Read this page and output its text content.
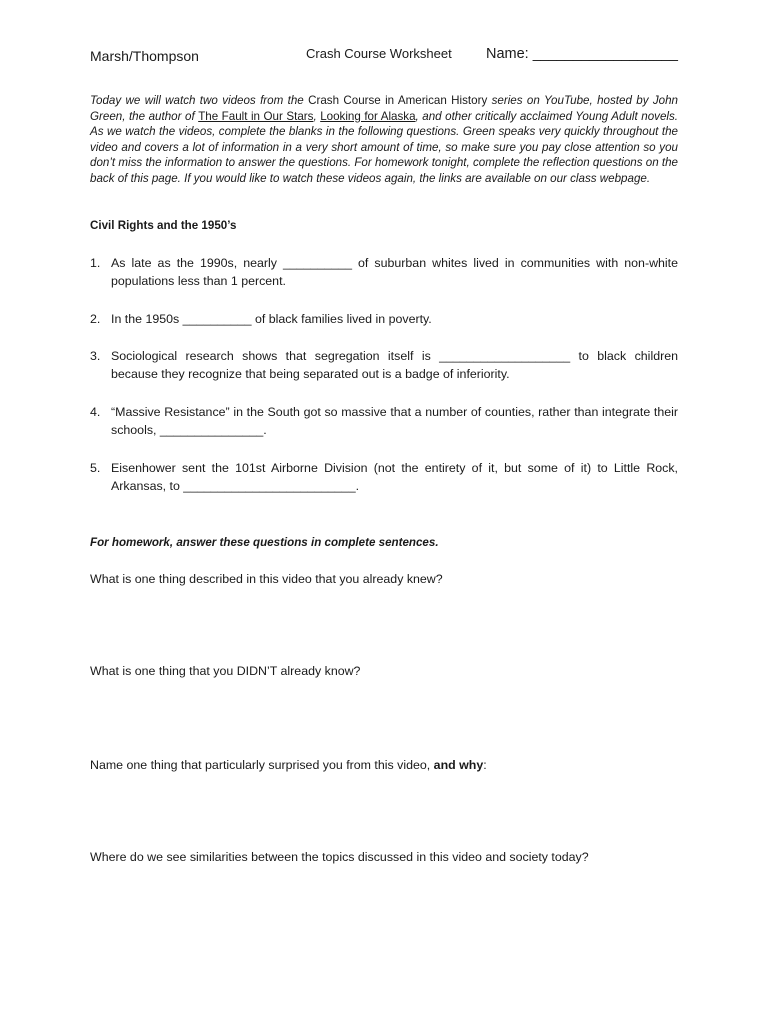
Marsh/Thompson	Crash Course Worksheet Name: __________________

Today we will watch two videos from the Crash Course in American History series on YouTube, hosted by John Green, the author of The Fault in Our Stars, Looking for Alaska, and other critically acclaimed Young Adult novels. As we watch the videos, complete the blanks in the following questions. Green speaks very quickly throughout the video and covers a lot of information in a very short amount of time, so make sure you pay close attention so you don’t miss the information to answer the questions. For homework tonight, complete the reflection questions on the back of this page. If you would like to watch these videos again, the links are available on our class webpage.

Civil Rights and the 1950’s

1. As late as the 1990s, nearly __________ of suburban whites lived in communities with non-white populations less than 1 percent.
2. In the 1950s __________ of black families lived in poverty.
3. Sociological research shows that segregation itself is ___________________ to black children because they recognize that being separated out is a badge of inferiority.
4. “Massive Resistance” in the South got so massive that a number of counties, rather than integrate their schools, _______________.
5. Eisenhower sent the 101st Airborne Division (not the entirety of it, but some of it) to Little Rock, Arkansas, to _________________________.

For homework, answer these questions in complete sentences.

What is one thing described in this video that you already knew?

What is one thing that you DIDN’T already know?

Name one thing that particularly surprised you from this video, and why:

Where do we see similarities between the topics discussed in this video and society today?
